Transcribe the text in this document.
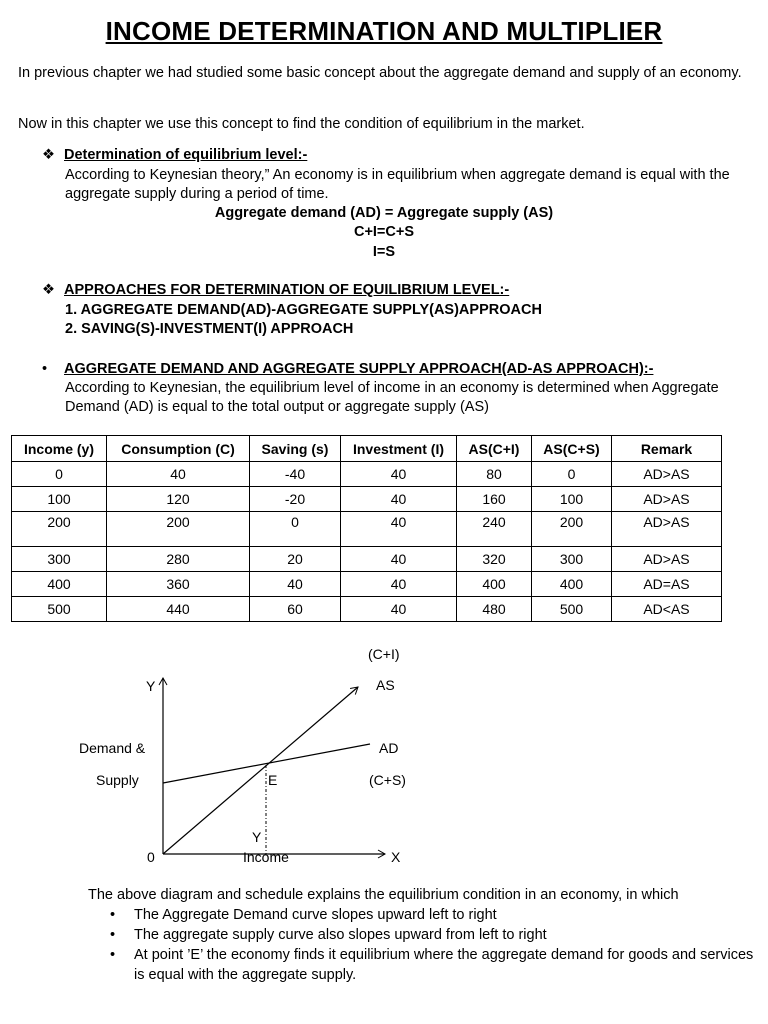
INCOME DETERMINATION AND MULTIPLIER
In previous chapter we had studied some basic concept about the aggregate demand and supply of an economy.
Now in this chapter we use this concept to find the condition of equilibrium in the market.
❖ Determination of equilibrium level:-
According to Keynesian theory,” An economy is in equilibrium when aggregate demand is equal with the aggregate supply during a period of time.
Aggregate demand (AD) = Aggregate supply (AS)
C+I=C+S
I=S
❖ APPROACHES FOR DETERMINATION OF EQUILIBRIUM LEVEL:-
1. AGGREGATE DEMAND(AD)-AGGREGATE SUPPLY(AS)APPROACH
2. SAVING(S)-INVESTMENT(I) APPROACH
• AGGREGATE DEMAND AND AGGREGATE SUPPLY APPROACH(AD-AS APPROACH):-
According to Keynesian, the equilibrium level of income in an economy is determined when Aggregate Demand (AD) is equal to the total output or aggregate supply (AS)
Income (y)	Consumption (C)	Saving (s)	Investment (I)	AS(C+I)	AS(C+S)	Remark
0	40	-40	40	80	0	AD>AS
100	120	-20	40	160	100	AD>AS
200	200	0	40	240	200	AD>AS
300	280	20	40	320	300	AD>AS
400	360	40	40	400	400	AD=AS
500	440	60	40	480	500	AD<AS
(C+I)
AS
Y
Demand &
Supply
AD
(C+S)
E
Y
0	Income	X
The above diagram and schedule explains the equilibrium condition in an economy, in which
• The Aggregate Demand curve slopes upward left to right
• The aggregate supply curve also slopes upward from left to right
• At point ’E’ the economy finds it equilibrium where the aggregate demand for goods and services is equal with the aggregate supply.
